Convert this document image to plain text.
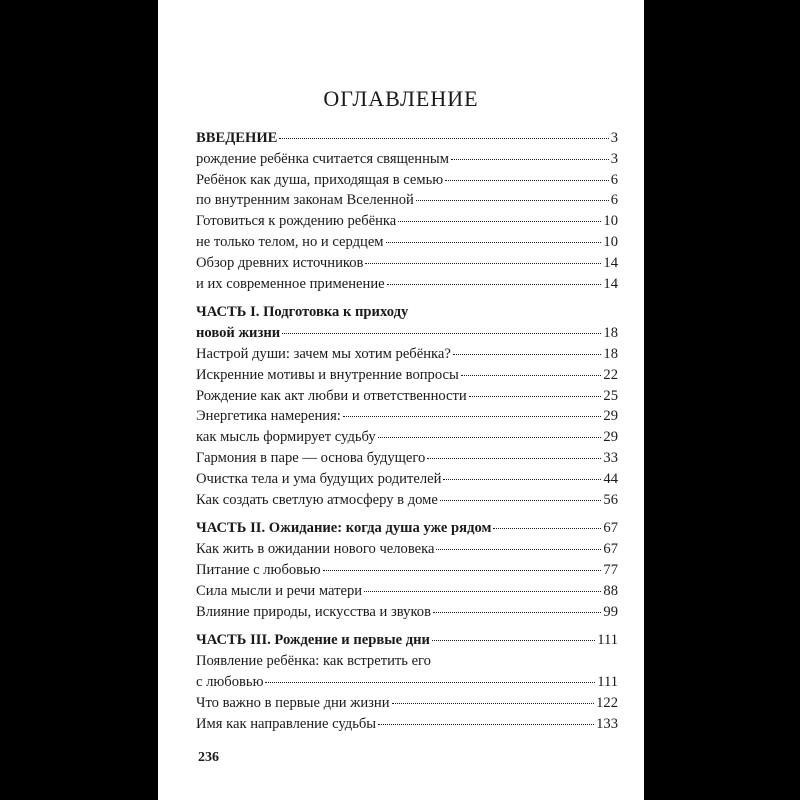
ОГЛАВЛЕНИЕ
ВВЕДЕНИЕ	3
рождение ребёнка считается священным	3
Ребёнок как душа, приходящая в семью	6
по внутренним законам Вселенной	6
Готовиться к рождению ребёнка	10
не только телом, но и сердцем	10
Обзор древних источников	14
и их современное применение	14
ЧАСТЬ I. Подготовка к приходу
новой жизни	18
Настрой души: зачем мы хотим ребёнка?	18
Искренние мотивы и внутренние вопросы	22
Рождение как акт любви и ответственности	25
Энергетика намерения:	29
как мысль формирует судьбу	29
Гармония в паре — основа будущего	33
Очистка тела и ума будущих родителей	44
Как создать светлую атмосферу в доме	56
ЧАСТЬ II. Ожидание: когда душа уже рядом	67
Как жить в ожидании нового человека	67
Питание с любовью	77
Сила мысли и речи матери	88
Влияние природы, искусства и звуков	99
ЧАСТЬ III. Рождение и первые дни	111
Появление ребёнка: как встретить его
с любовью	111
Что важно в первые дни жизни	122
Имя как направление судьбы	133
236
